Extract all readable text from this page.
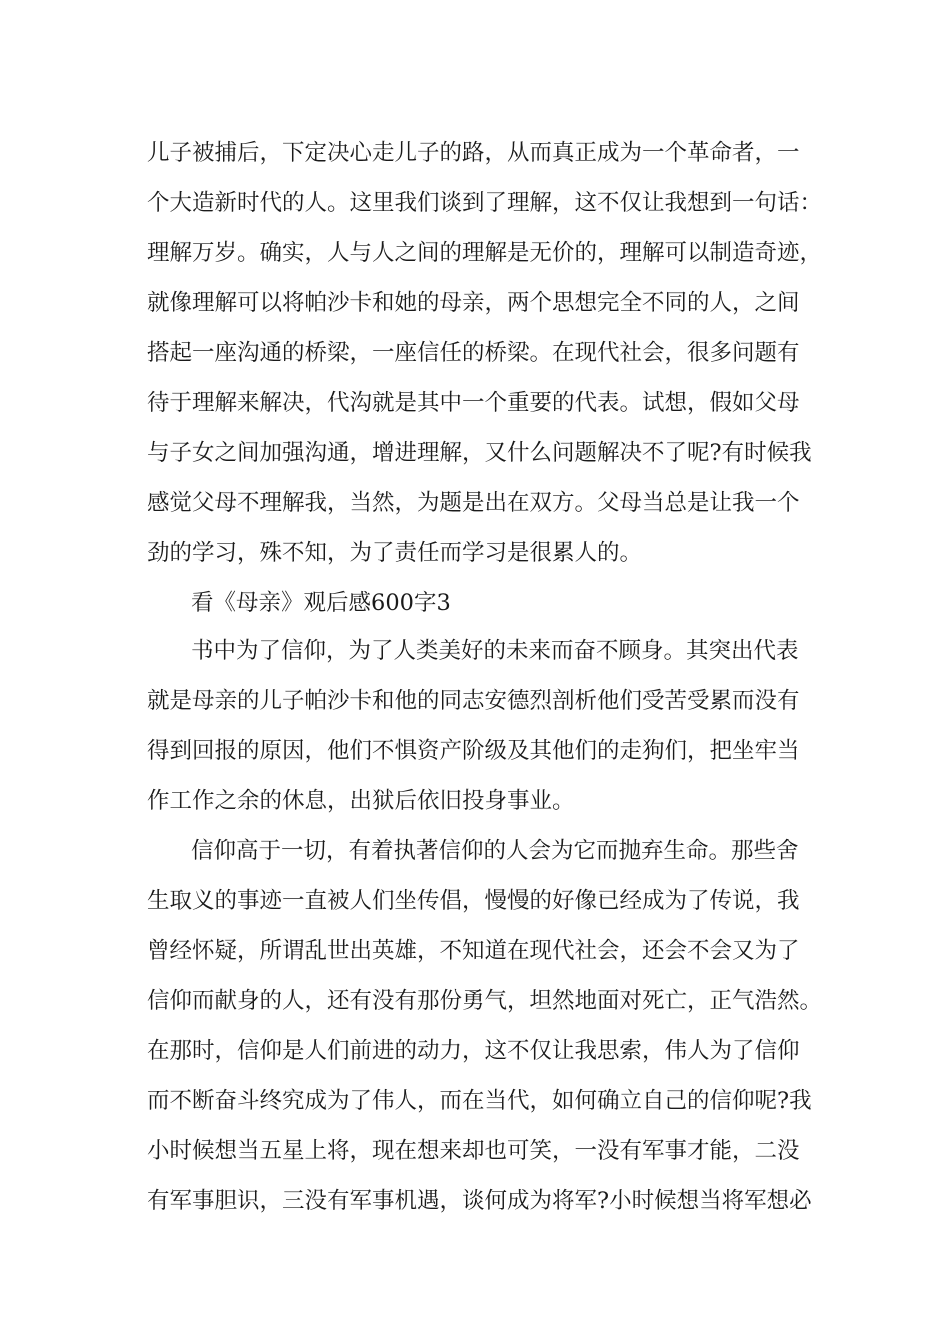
儿子被捕后，下定决心走儿子的路，从而真正成为一个革命者，一
个大造新时代的人。这里我们谈到了理解，这不仅让我想到一句话：
理解万岁。确实，人与人之间的理解是无价的，理解可以制造奇迹，
就像理解可以将帕沙卡和她的母亲，两个思想完全不同的人，之间
搭起一座沟通的桥梁，一座信任的桥梁。在现代社会，很多问题有
待于理解来解决，代沟就是其中一个重要的代表。试想，假如父母
与子女之间加强沟通，增进理解，又什么问题解决不了呢?有时候我
感觉父母不理解我，当然，为题是出在双方。父母当总是让我一个
劲的学习，殊不知，为了责任而学习是很累人的。
看《母亲》观后感600字3
书中为了信仰，为了人类美好的未来而奋不顾身。其突出代表
就是母亲的儿子帕沙卡和他的同志安德烈剖析他们受苦受累而没有
得到回报的原因，他们不惧资产阶级及其他们的走狗们，把坐牢当
作工作之余的休息，出狱后依旧投身事业。
信仰高于一切，有着执著信仰的人会为它而抛弃生命。那些舍
生取义的事迹一直被人们坐传倡，慢慢的好像已经成为了传说，我
曾经怀疑，所谓乱世出英雄，不知道在现代社会，还会不会又为了
信仰而献身的人，还有没有那份勇气，坦然地面对死亡，正气浩然。
在那时，信仰是人们前进的动力，这不仅让我思索，伟人为了信仰
而不断奋斗终究成为了伟人，而在当代，如何确立自己的信仰呢?我
小时候想当五星上将，现在想来却也可笑，一没有军事才能，二没
有军事胆识，三没有军事机遇，谈何成为将军?小时候想当将军想必
